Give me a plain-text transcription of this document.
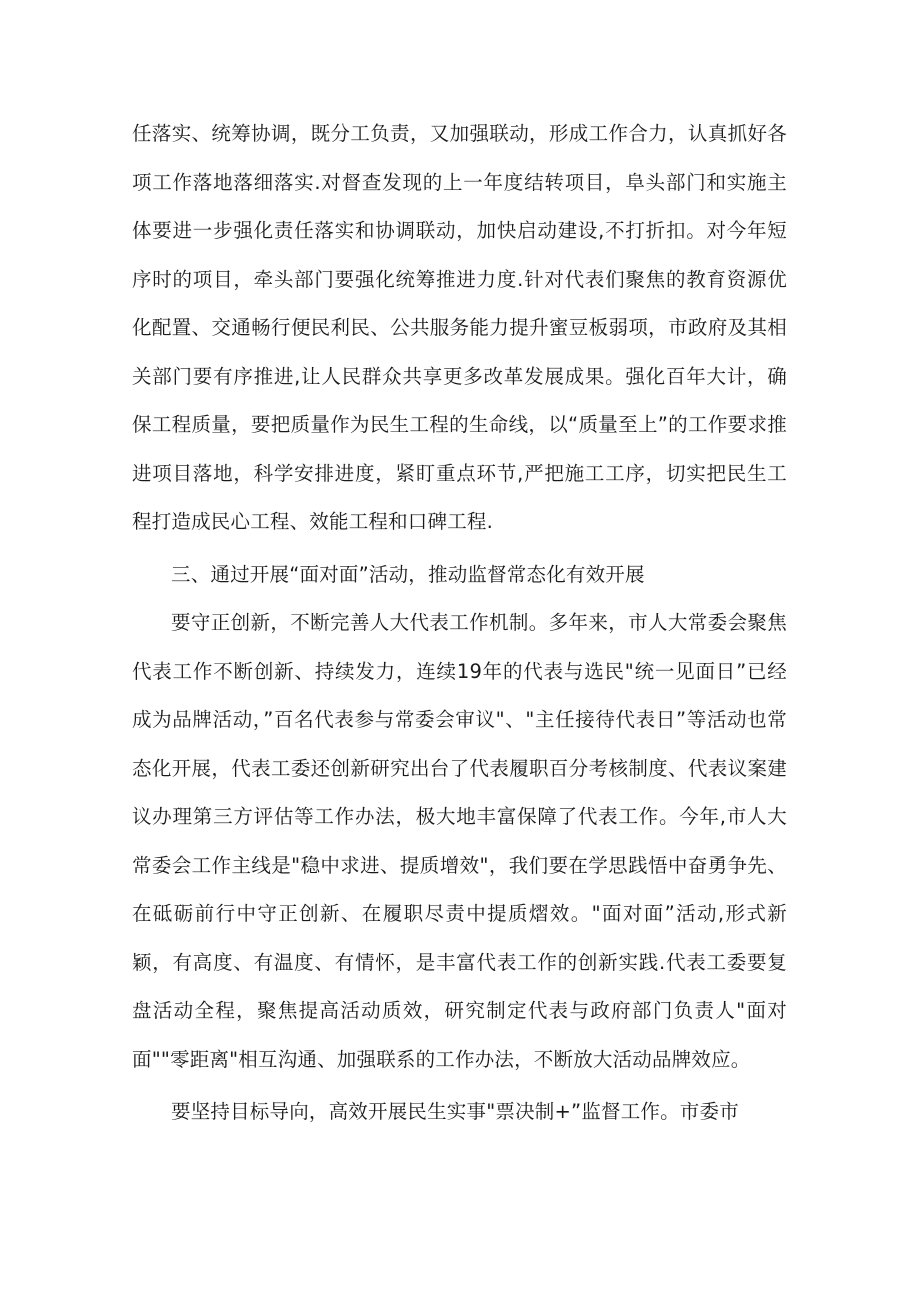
任落实、统筹协调，既分工负责，又加强联动，形成工作合力，认真抓好各项工作落地落细落实.对督查发现的上一年度结转项目，阜头部门和实施主体要进一步强化责任落实和协调联动，加快启动建设,不打折扣。对今年短序时的项目，牵头部门要强化统筹推进力度.针对代表们聚焦的教育资源优化配置、交通畅行便民利民、公共服务能力提升蜜豆板弱项，市政府及其相关部门要有序推进,让人民群众共享更多改革发展成果。强化百年大计，确保工程质量，要把质量作为民生工程的生命线，以“质量至上”的工作要求推进项目落地，科学安排进度，紧盯重点环节,严把施工工序，切实把民生工程打造成民心工程、效能工程和口碑工程.

三、通过开展“面对面”活动，推动监督常态化有效开展

要守正创新，不断完善人大代表工作机制。多年来，市人大常委会聚焦代表工作不断创新、持续发力，连续19年的代表与选民"统一见面日”已经成为品牌活动，”百名代表参与常委会审议"、"主任接待代表日”等活动也常态化开展，代表工委还创新研究出台了代表履职百分考核制度、代表议案建议办理第三方评估等工作办法，极大地丰富保障了代表工作。今年,市人大常委会工作主线是"稳中求进、提质增效"，我们要在学思践悟中奋勇争先、在砥砺前行中守正创新、在履职尽责中提质熠效。"面对面”活动,形式新颖，有高度、有温度、有情怀，是丰富代表工作的创新实践.代表工委要复盘活动全程，聚焦提高活动质效，研究制定代表与政府部门负责人"面对面""零距离"相互沟通、加强联系的工作办法，不断放大活动品牌效应。

要坚持目标导向，高效开展民生实事"票决制+”监督工作。市委市
